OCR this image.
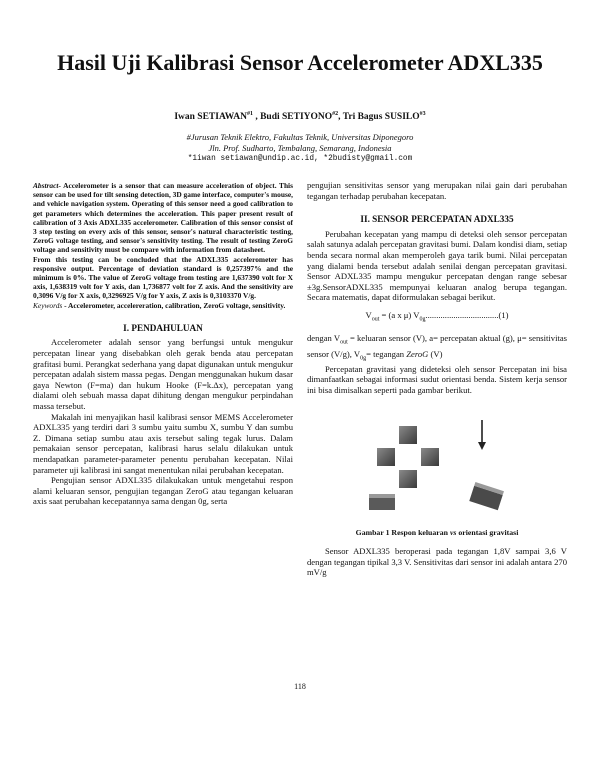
Hasil Uji Kalibrasi Sensor Accelerometer ADXL335
Iwan SETIAWAN$^{\#1}$ , Budi SETIYONO$^{\#2}$, Tri Bagus SUSILO$^{\#3}$
#Jurusan Teknik Elektro, Fakultas Teknik, Universitas Diponegoro
Jln. Prof. Sudharto, Tembalang, Semarang, Indonesia
*1iwan setiawan@undip.ac.id, *2budisty@gmail.com
Abstract- Accelerometer is a sensor that can measure acceleration of object. This sensor can be used for tilt sensing detection, 3D game interface, computer's mouse, and vehicle navigation system. Operating of this sensor need a good calibration to get parameters which determines the acceleration. This paper present result of calibration of 3 Axis ADXL335 accelerometer. Calibration of this sensor consist of 3 step testing on every axis of this sensor, sensor's natural characteristic testing, ZeroG voltage testing, and sensor's sensitivity testing. The result of testing ZeroG voltage and sensitivity must be compare with information from datasheet.
From this testing can be concluded that the ADXL335 accelerometer has responsive output. Percentage of deviation standard is 0,257397% and the minimum is 0%. The value of ZeroG voltage from testing are 1,637390 volt for X axis, 1,638319 volt for Y axis, dan 1,736877 volt for Z axis. And the sensitivity are 0,3096 V/g for X axis, 0,3296925 V/g for Y axis, Z axis is 0,3103370 V/g.
Keywords - Accelerometer, accelereration, calibration, ZeroG voltage, sensitivity.
I. PENDAHULUAN

Accelerometer adalah sensor yang berfungsi untuk mengukur percepatan linear yang disebabkan oleh gerak benda atau percepatan grafitasi bumi. Perangkat sederhana yang dapat digunakan untuk mengukur percepatan adalah sistem massa pegas. Dengan menggunakan hukum dasar gaya Newton (F=ma) dan hukum Hooke (F=k.Δx), percepatan yang dialami oleh sebuah massa dapat dihitung dengan mengukur perpindahan massa tersebut.

Makalah ini menyajikan hasil kalibrasi sensor MEMS Accelerometer ADXL335 yang terdiri dari 3 sumbu yaitu sumbu X, sumbu Y dan sumbu Z. Dimana setiap sumbu atau axis tersebut saling tegak lurus. Dalam pemakaian sensor percepatan, kalibrasi harus selalu dilakukan untuk mendapatkan parameter-parameter penentu perubahan kecepatan. Nilai parameter uji kalibrasi ini sangat menentukan nilai perubahan kecepatan.

Pengujian sensor ADXL335 dilakukakan untuk mengetahui respon alami keluaran sensor, pengujian tegangan ZeroG atau tegangan keluaran axis saat perubahan kecepatannya sama dengan 0g, serta

pengujian sensitivitas sensor yang merupakan nilai gain dari perubahan tegangan terhadap perubahan kecepatan.

II. SENSOR PERCEPATAN ADXL335

Perubahan kecepatan yang mampu di deteksi oleh sensor percepatan salah satunya adalah percepatan gravitasi bumi. Dalam kondisi diam, setiap benda secara normal akan memperoleh gaya tarik bumi. Nilai percepatan yang dialami benda tersebut adalah senilai dengan percepatan gravitasi. Sensor ADXL335 mampu mengukur percepatan dengan range sebesar ±3g.SensorADXL335 mempunyai keluaran analog berupa tegangan. Secara matematis, dapat diformulakan sebagai berikut.

$V_{out} = (a$ x μ) $V_{0g}..................................(1)$

dengan $V_{out}$ = keluaran sensor (V), a= percepatan aktual (g), μ= sensitivitas sensor (V/g), $V_{0g}=$ tegangan ZeroG (V)

Percepatan gravitasi yang dideteksi oleh sensor Percepatan ini bisa dimanfaatkan sebagai informasi sudut orientasi benda. Sistem kerja sensor ini bisa dimisalkan seperti pada gambar berikut.

Gambar 1 Respon keluaran vs orientasi gravitasi

Sensor ADXL335 beroperasi pada tegangan 1,8V sampai 3,6 V dengan tegangan tipikal 3,3 V. Sensitivitas dari sensor ini adalah antara 270 mV/g

118
